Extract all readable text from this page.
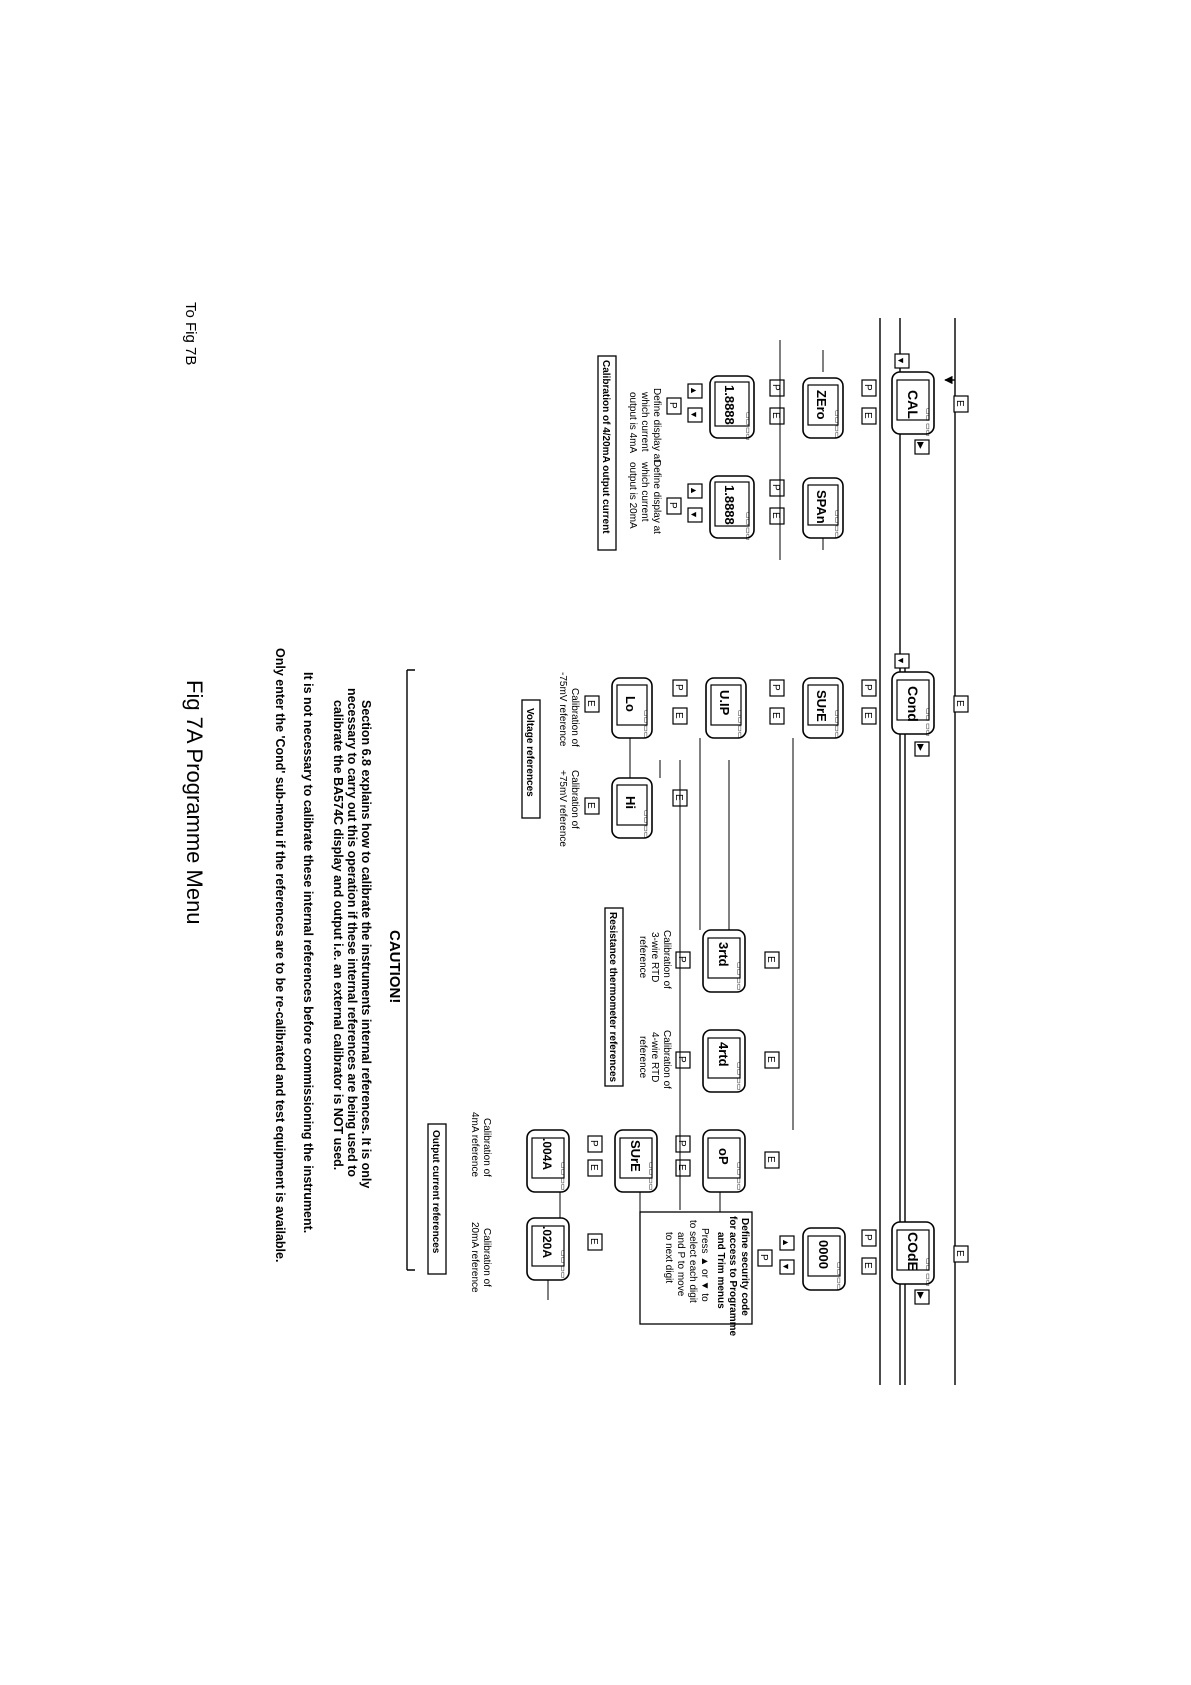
Fig 7A Programme Menu
To Fig 7B
CAL
▭▭ ▭▭
E
P
E
▼
▶
ZEro
▭▭ ▭▭
P
E
1.8888
▭▭ ▭▭
▲
▼
P
Define display at
which current
output is 4mA
SPAn
▭▭ ▭▭
P
E
1.8888
▭▭ ▭▭
▲
▼
P
Define display at
which current
output is 20mA
Calibration of 4/20mA output current
Cond
▭▭ ▭▭
E
P
E
▼
▶
SUrE
▭▭ ▭▭
P
E
U.IP
▭▭ ▭▭
P
E
Lo
▭▭ ▭▭
Hi
▭▭ ▭▭
E
E
E
Calibration of
-75mV reference
Calibration of
+75mV reference
Voltage references
3rtd
▭▭ ▭▭
4rtd
▭▭ ▭▭
E
E
P
P
Calibration of
3-wire RTD
reference
Calibration of
4-wire RTD
reference
Resistance thermometer references
oP
▭▭ ▭▭
SUrE
▭▭ ▭▭
.004A
▭▭ ▭▭
.020A
▭▭ ▭▭
E
P
E
P
E
E
Calibration of
4mA reference
Calibration of
20mA reference
Output current references	COdE
▭▭ ▭▭
E
P
E
▶
0000
▭▭ ▭▭
▲
▼
P
Define security code
for access to Programme
and Trim menus
Press ▲ or ▼ to
to select each digit
and P to move
to next digit
CAUTION!
Section 6.8 explains how to calibrate the instruments internal references. It is only
necessary to carry out this operation if these internal references are being used to
calibrate the BA574C display and output i.e. an external calibrator is NOT used.
It is not necessary to calibrate these internal references before commissioning the instrument.
Only enter the 'Cond' sub-menu if the references are to be re-calibrated and test equipment is available.
